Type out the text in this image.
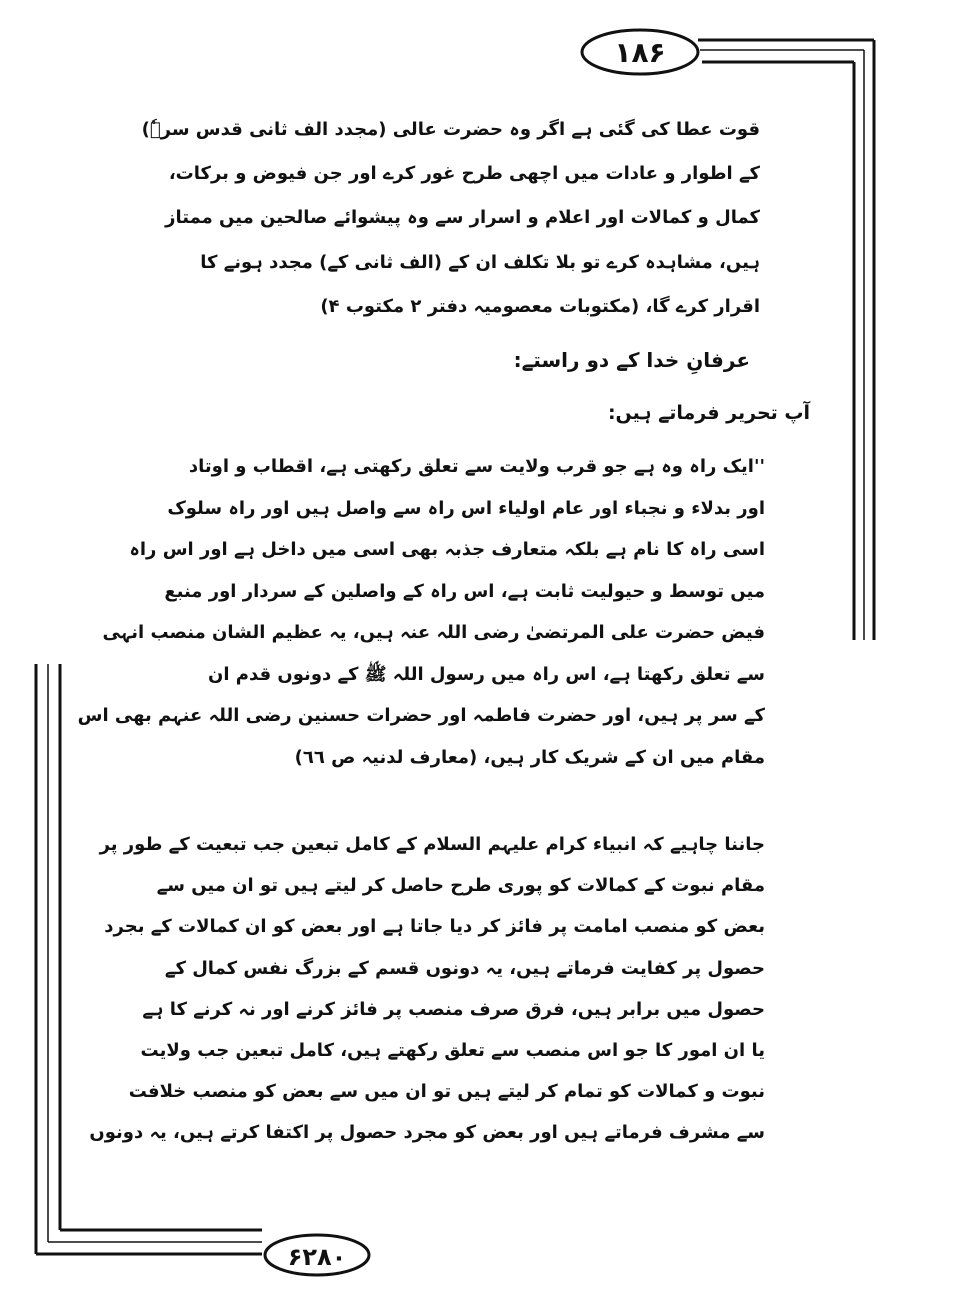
۱۸۶
قوت عطا کی گئی ہے اگر وہ حضرت عالی (مجدد الف ثانی قدس سرہٗ)
کے اطوار و عادات میں اچھی طرح غور کرے اور جن فیوض و برکات،
کمال و کمالات اور اعلام و اسرار سے وہ پیشوائے صالحین میں ممتاز
ہیں، مشاہدہ کرے تو بلا تکلف ان کے (الف ثانی کے) مجدد ہونے کا
اقرار کرے گا، (مکتوبات معصومیہ دفتر ۲ مکتوب ۴)
عرفانِ خدا کے دو راستے:
آپ تحریر فرماتے ہیں:
''ایک راہ وہ ہے جو قرب ولایت سے تعلق رکھتی ہے، اقطاب و اوتاد
اور بدلاء و نجباء اور عام اولیاء اس راہ سے واصل ہیں اور راہ سلوک
اسی راہ کا نام ہے بلکہ متعارف جذبہ بھی اسی میں داخل ہے اور اس راہ
میں توسط و حیولیت ثابت ہے، اس راہ کے واصلین کے سردار اور منبع
فیض حضرت علی المرتضیٰ رضی اللہ عنہ ہیں، یہ عظیم الشان منصب انہی
سے تعلق رکھتا ہے، اس راہ میں رسول اللہ ﷺ کے دونوں قدم ان
کے سر پر ہیں، اور حضرت فاطمہ اور حضرات حسنین رضی اللہ عنہم بھی اس
مقام میں ان کے شریک کار ہیں، (معارف لدنیہ ص ٦٦)
جاننا چاہیے کہ انبیاء کرام علیہم السلام کے کامل تبعین جب تبعیت کے طور پر
مقام نبوت کے کمالات کو پوری طرح حاصل کر لیتے ہیں تو ان میں سے
بعض کو منصب امامت پر فائز کر دیا جاتا ہے اور بعض کو ان کمالات کے بجرد
حصول پر کفایت فرماتے ہیں، یہ دونوں قسم کے بزرگ نفس کمال کے
حصول میں برابر ہیں، فرق صرف منصب پر فائز کرنے اور نہ کرنے کا ہے
یا ان امور کا جو اس منصب سے تعلق رکھتے ہیں، کامل تبعین جب ولایت
نبوت و کمالات کو تمام کر لیتے ہیں تو ان میں سے بعض کو منصب خلافت
سے مشرف فرماتے ہیں اور بعض کو مجرد حصول پر اکتفا کرتے ہیں، یہ دونوں
۶۲۸۰
